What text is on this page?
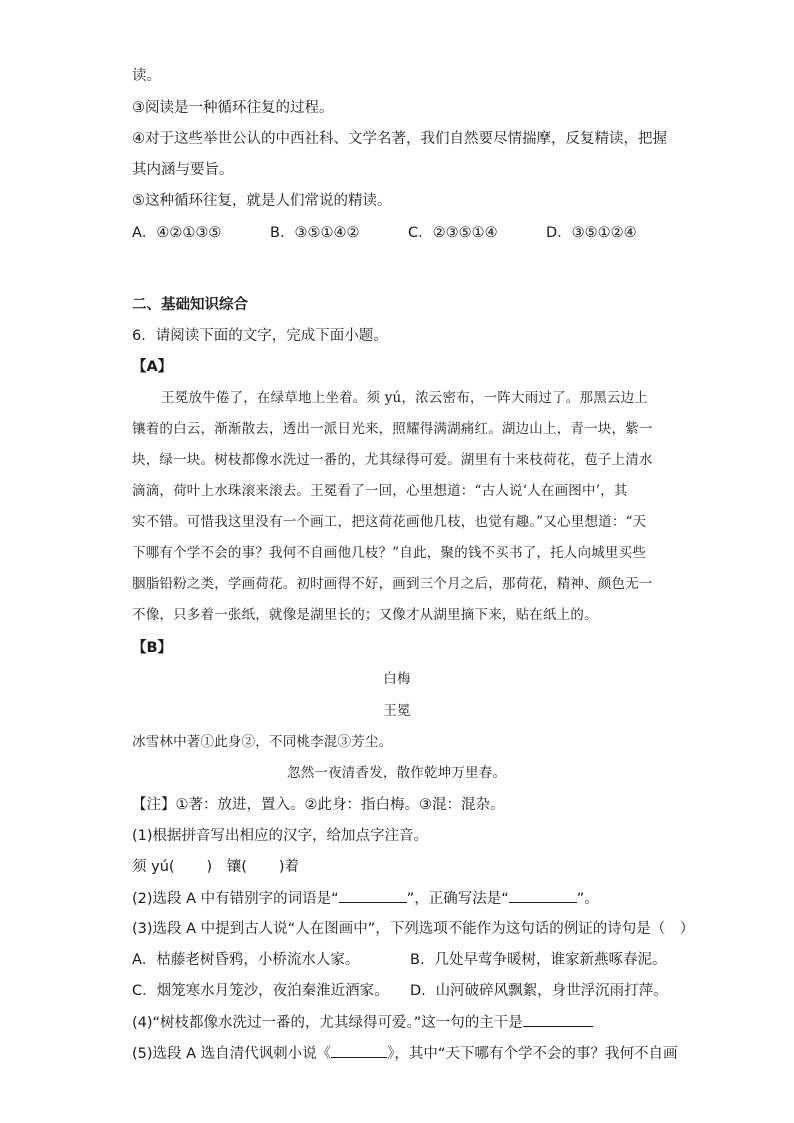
读。
③阅读是一种循环往复的过程。
④对于这些举世公认的中西社科、文学名著，我们自然要尽情揣摩，反复精读，把握
其内涵与要旨。
⑤这种循环往复，就是人们常说的精读。
A．④②①③⑤	B．③⑤①④②	C．②③⑤①④	D．③⑤①②④
二、基础知识综合
6．请阅读下面的文字，完成下面小题。
【A】
王冕放牛倦了，在绿草地上坐着。须 yú，浓云密布，一阵大雨过了。那黑云边上
镶着的白云，渐渐散去，透出一派日光来，照耀得满湖痛红。湖边山上，青一块，紫一
块，绿一块。树枝都像水洗过一番的，尤其绿得可爱。湖里有十来枝荷花，苞子上清水
滴滴，荷叶上水珠滚来滚去。王冕看了一回，心里想道：“古人说‘人在画图中’，其
实不错。可惜我这里没有一个画工，把这荷花画他几枝，也觉有趣。”又心里想道：“天
下哪有个学不会的事？我何不自画他几枝？”自此，聚的钱不买书了，托人向城里买些
胭脂铅粉之类，学画荷花。初时画得不好，画到三个月之后，那荷花，精神、颜色无一
不像，只多着一张纸，就像是湖里长的；又像才从湖里摘下来，贴在纸上的。
【B】
白梅
王冕
冰雪林中著①此身②，不同桃李混③芳尘。
忽然一夜清香发，散作乾坤万里春。
【注】①著：放进，置入。②此身：指白梅。③混：混杂。
(1)根据拼音写出相应的汉字，给加点字注音。
须 yú( )　镶( )着
(2)选段 A 中有错别字的词语是“	”，正确写法是“	”。
(3)选段 A 中提到古人说“人在图画中”，下列选项不能作为这句话的例证的诗句是（　）
A．枯藤老树昏鸦，小桥流水人家。	B．几处早莺争暖树，谁家新燕啄春泥。
C．烟笼寒水月笼沙，夜泊秦淮近酒家。 D．山河破碎风飘絮，身世浮沉雨打萍。
(4)“树枝都像水洗过一番的，尤其绿得可爱。”这一句的主干是
(5)选段 A 选自清代讽刺小说《	》，其中“天下哪有个学不会的事？我何不自画
